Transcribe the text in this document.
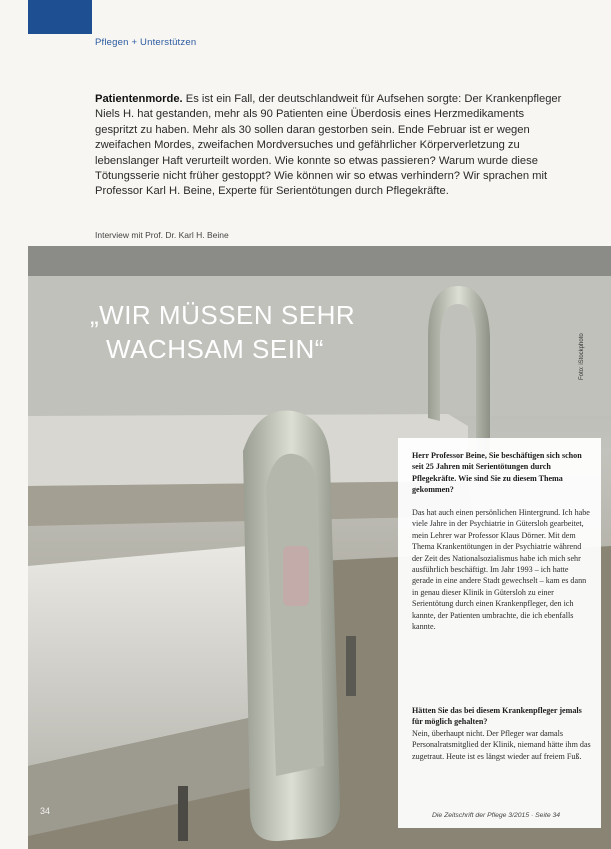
Pflegen + Unterstützen

Patientenmorde. Es ist ein Fall, der deutschlandweit für Aufsehen sorgte: Der Krankenpfleger Niels H. hat gestanden, mehr als 90 Patienten eine Überdosis eines Herzmedikaments gespritzt zu haben. Mehr als 30 sollen daran gestorben sein. Ende Februar ist er wegen zweifachen Mordes, zweifachen Mordversuches und gefährlicher Körperverletzung zu lebenslanger Haft verurteilt worden. Wie konnte so etwas passieren? Warum wurde diese Tötungsserie nicht früher gestoppt? Wie können wir so etwas verhindern? Wir sprachen mit Professor Karl H. Beine, Experte für Serientötungen durch Pflegekräfte.

Interview mit Prof. Dr. Karl H. Beine
„WIR MÜSSEN SEHR
WACHSAM SEIN“	Foto: iStockphoto

Herr Professor Beine, Sie beschäftigen sich schon seit 25 Jahren mit Serientötungen durch Pflegekräfte. Wie sind Sie zu diesem Thema gekommen?

Das hat auch einen persönlichen Hintergrund. Ich habe viele Jahre in der Psychiatrie in Gütersloh gearbeitet, mein Lehrer war Professor Klaus Dörner. Mit dem Thema Krankentötungen in der Psychiatrie während der Zeit des Nationalsozialismus habe ich mich sehr ausführlich beschäftigt. Im Jahr 1993 – ich hatte gerade in eine andere Stadt gewechselt – kam es dann in genau dieser Klinik in Gütersloh zu einer Serientötung durch einen Krankenpfleger, den ich kannte, der Patienten umbrachte, die ich ebenfalls kannte.

Hätten Sie das bei diesem Krankenpfleger jemals für möglich gehalten?

Nein, überhaupt nicht. Der Pfleger war damals Personalratsmitglied der Klinik, niemand hätte ihm das zugetraut. Heute ist es längst wieder auf freiem Fuß.

34	Die Zeitschrift der Pflege 3/2015 · Seite 34
